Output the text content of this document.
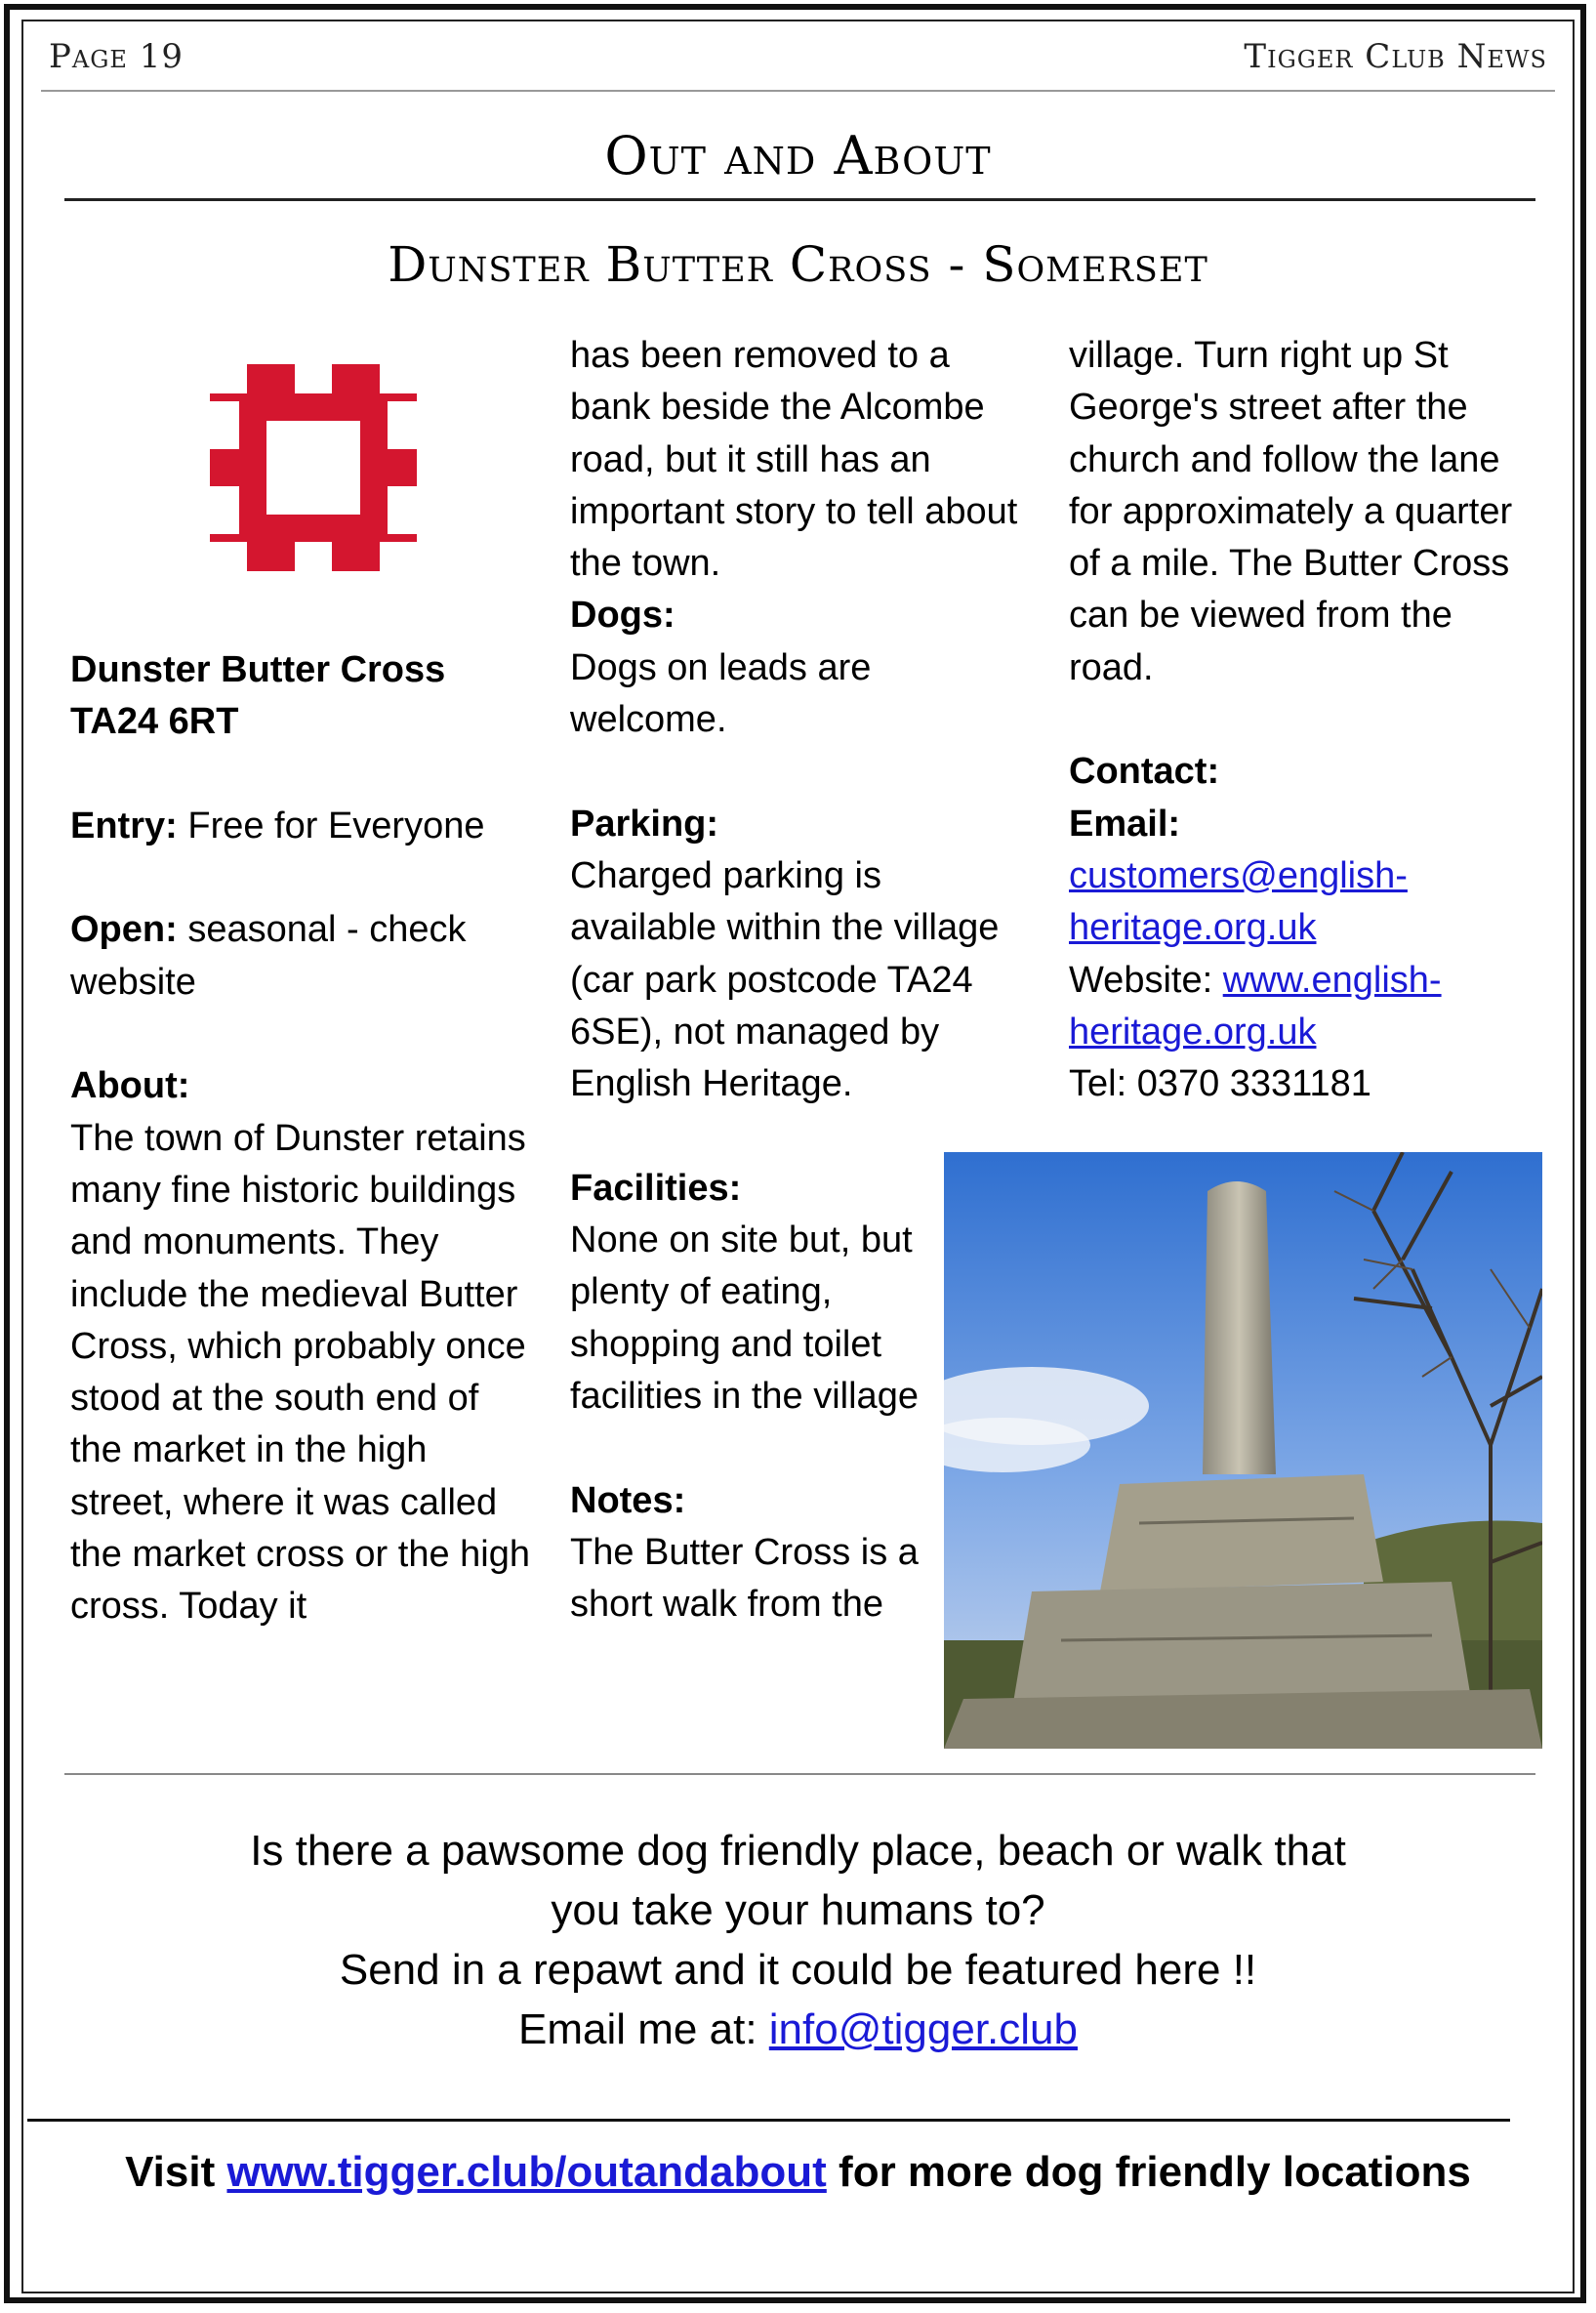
Page 19	Tigger Club News
Out and About
Dunster Butter Cross - Somerset

Dunster Butter Cross

TA24 6RT

Entry: Free for Everyone

Open: seasonal - check website

About:

The town of Dunster retains many fine historic buildings and monuments. They include the medieval Butter Cross, which probably once stood at the south end of the market in the high street, where it was called the market cross or the high cross. Today it

has been removed to a bank beside the Alcombe road, but it still has an important story to tell about the town.

Dogs:

Dogs on leads are welcome.

Parking:

Charged parking is available within the village (car park postcode TA24 6SE), not managed by English Heritage.

Facilities:

None on site but, but plenty of eating, shopping and toilet facilities in the village

Notes:

The Butter Cross is a short walk from the

village. Turn right up St George's street after the church and follow the lane for approximately a quarter of a mile. The Butter Cross can be viewed from the road.

Contact:

Email:

customers@english-heritage.org.uk

Website: www.english-heritage.org.uk

Tel: 0370 3331181

Is there a pawsome dog friendly place, beach or walk that

you take your humans to?

Send in a repawt and it could be featured here !!

Email me at: info@tigger.club

Visit www.tigger.club/outandabout for more dog friendly locations
